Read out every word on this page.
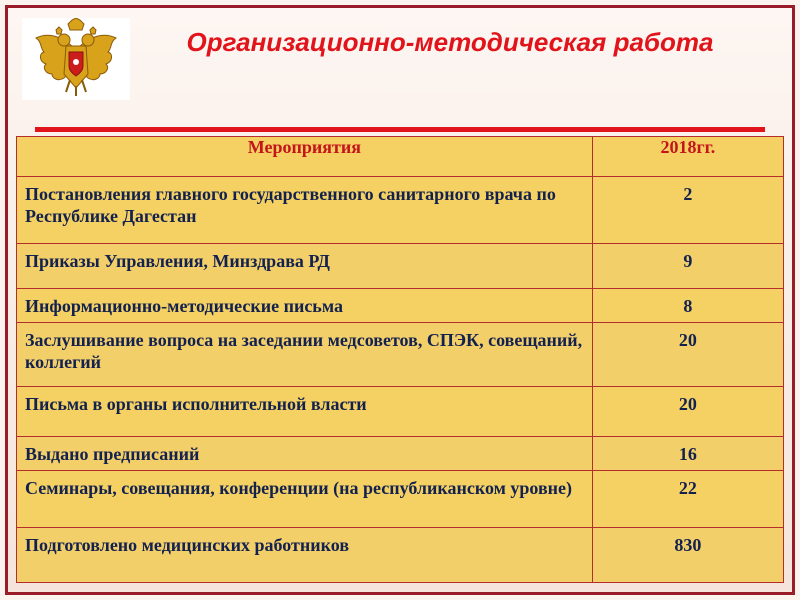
Организационно-методическая работа
Мероприятия	2018гг.
Постановления главного государственного санитарного врача по Республике Дагестан	2
Приказы Управления, Минздрава РД	9
Информационно-методические письма	8
Заслушивание вопроса на заседании медсоветов, СПЭК, совещаний, коллегий	20
Письма в органы исполнительной власти	20
Выдано предписаний	16
Семинары, совещания, конференции (на республиканском уровне)	22
Подготовлено медицинских работников	830
